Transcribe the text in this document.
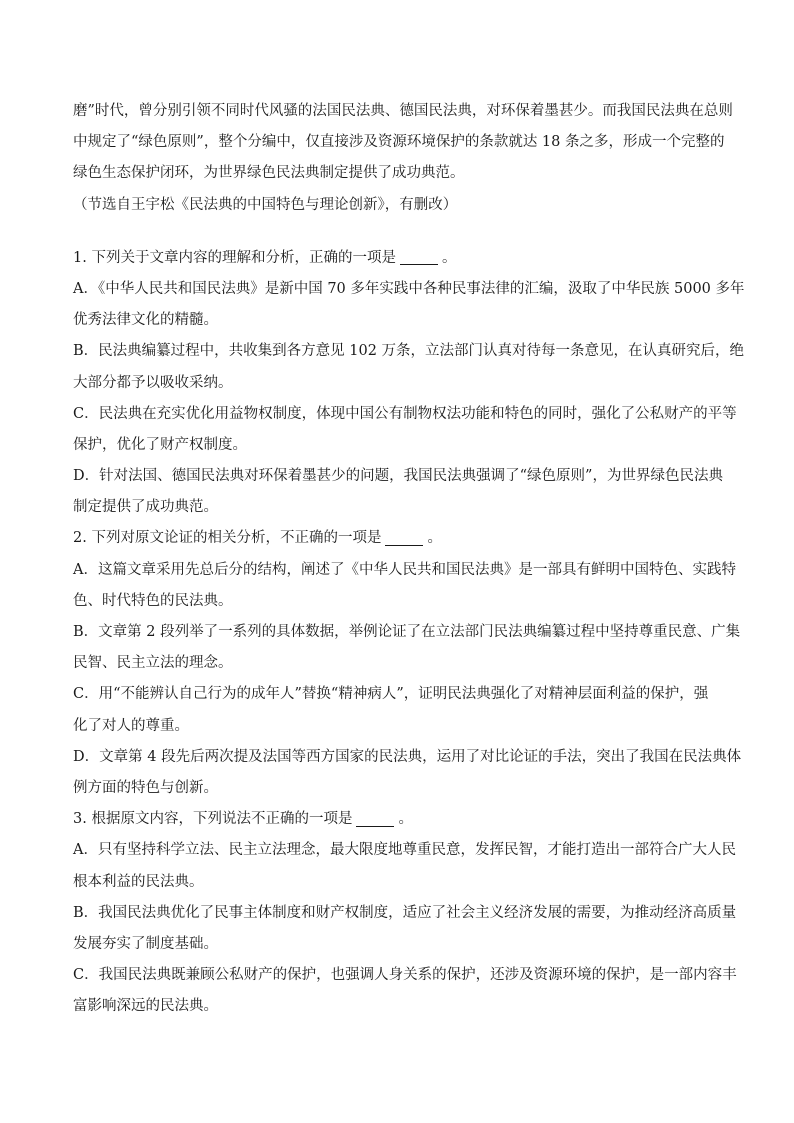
磨”时代，曾分别引领不同时代风骚的法国民法典、德国民法典，对环保着墨甚少。而我国民法典在总则
中规定了“绿色原则”，整个分编中，仅直接涉及资源环境保护的条款就达 18 条之多，形成一个完整的
绿色生态保护闭环，为世界绿色民法典制定提供了成功典范。
（节选自王宇松《民法典的中国特色与理论创新》，有删改）
1. 下列关于文章内容的理解和分析，正确的一项是	。
A．《中华人民共和国民法典》是新中国 70 多年实践中各种民事法律的汇编，汲取了中华民族 5000 多年
优秀法律文化的精髓。
B．民法典编纂过程中，共收集到各方意见 102 万条，立法部门认真对待每一条意见，在认真研究后，绝
大部分都予以吸收采纳。
C．民法典在充实优化用益物权制度，体现中国公有制物权法功能和特色的同时，强化了公私财产的平等
保护，优化了财产权制度。
D．针对法国、德国民法典对环保着墨甚少的问题，我国民法典强调了“绿色原则”，为世界绿色民法典
制定提供了成功典范。
2. 下列对原文论证的相关分析，不正确的一项是	。
A．这篇文章采用先总后分的结构，阐述了《中华人民共和国民法典》是一部具有鲜明中国特色、实践特
色、时代特色的民法典。
B．文章第 2 段列举了一系列的具体数据，举例论证了在立法部门民法典编纂过程中坚持尊重民意、广集
民智、民主立法的理念。
C．用“不能辨认自己行为的成年人”替换“精神病人”，证明民法典强化了对精神层面利益的保护，强
化了对人的尊重。
D．文章第 4 段先后两次提及法国等西方国家的民法典，运用了对比论证的手法，突出了我国在民法典体
例方面的特色与创新。
3. 根据原文内容，下列说法不正确的一项是	。
A．只有坚持科学立法、民主立法理念，最大限度地尊重民意，发挥民智，才能打造出一部符合广大人民
根本利益的民法典。
B．我国民法典优化了民事主体制度和财产权制度，适应了社会主义经济发展的需要，为推动经济高质量
发展夯实了制度基础。
C．我国民法典既兼顾公私财产的保护，也强调人身关系的保护，还涉及资源环境的保护，是一部内容丰
富影响深远的民法典。
